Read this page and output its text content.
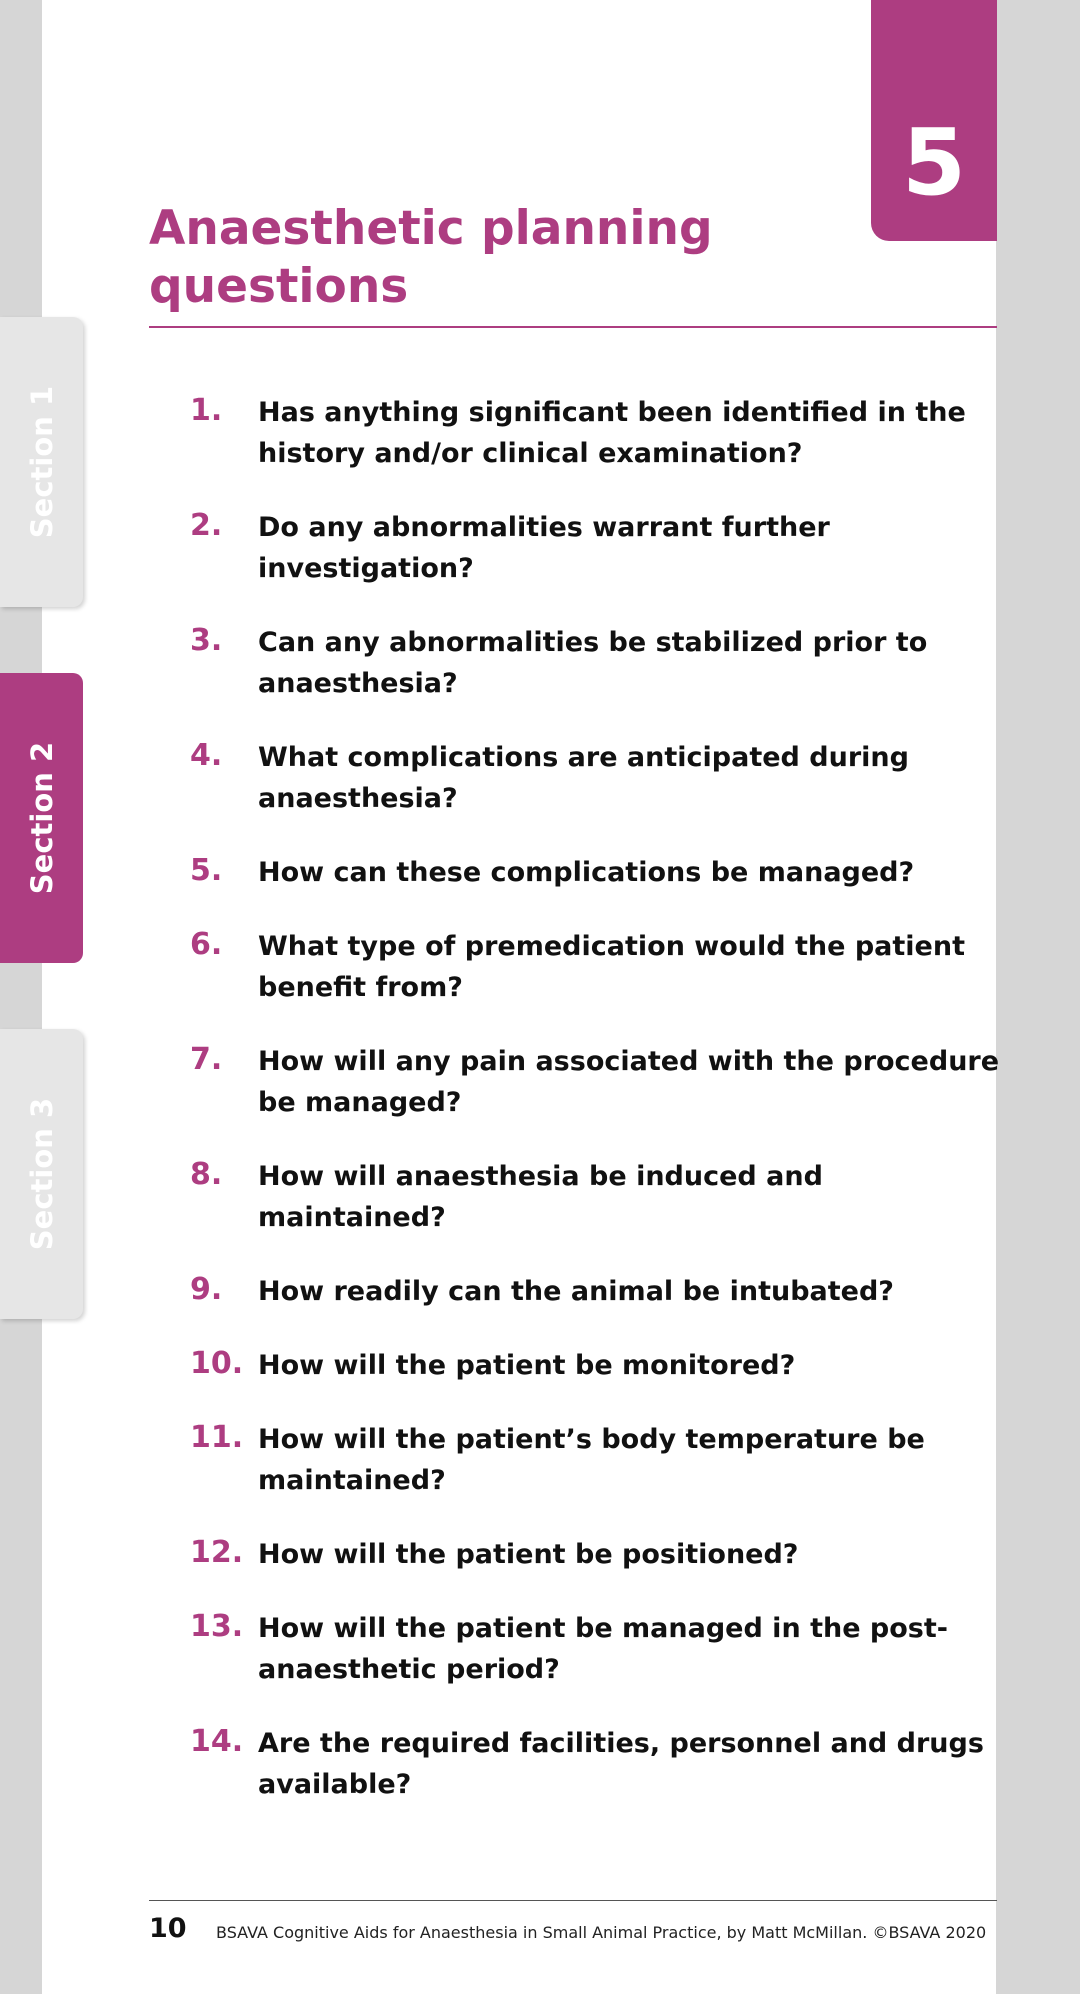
5
Anaesthetic planning
questions
1. Has anything significant been identified in the history and/or clinical examination?
2. Do any abnormalities warrant further investigation?
3. Can any abnormalities be stabilized prior to anaesthesia?
4. What complications are anticipated during anaesthesia?
5. How can these complications be managed?
6. What type of premedication would the patient benefit from?
7. How will any pain associated with the procedure be managed?
8. How will anaesthesia be induced and maintained?
9. How readily can the animal be intubated?
10. How will the patient be monitored?
11. How will the patient’s body temperature be maintained?
12. How will the patient be positioned?
13. How will the patient be managed in the post-anaesthetic period?
14. Are the required facilities, personnel and drugs available?
10 BSAVA Cognitive Aids for Anaesthesia in Small Animal Practice, by Matt McMillan. ©BSAVA 2020
Section 1
Section 2
Section 3
